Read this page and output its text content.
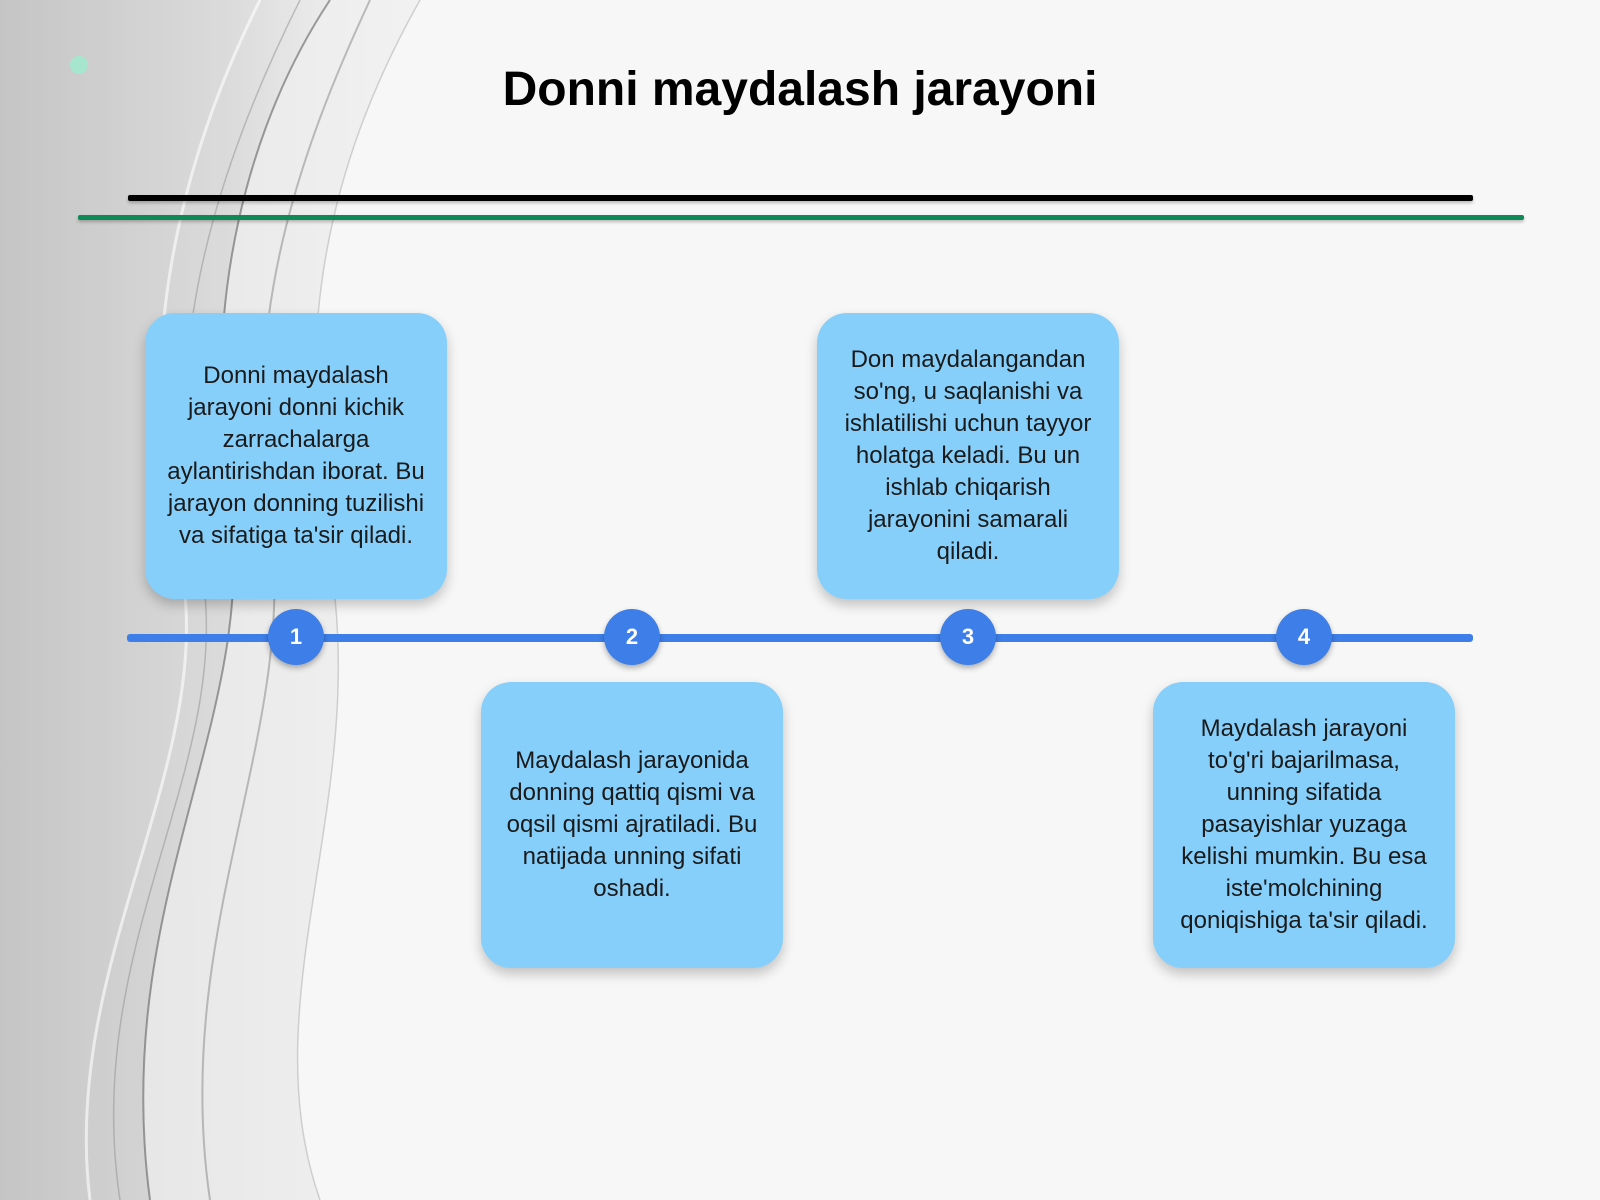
Donni maydalash jarayoni
Donni maydalash jarayoni donni kichik zarrachalarga aylantirishdan iborat. Bu jarayon donning tuzilishi va sifatiga ta'sir qiladi.
Maydalash jarayonida donning qattiq qismi va oqsil qismi ajratiladi. Bu natijada unning sifati oshadi.
Don maydalangandan so'ng, u saqlanishi va ishlatilishi uchun tayyor holatga keladi. Bu un ishlab chiqarish jarayonini samarali qiladi.
Maydalash jarayoni to'g'ri bajarilmasa, unning sifatida pasayishlar yuzaga kelishi mumkin. Bu esa iste'molchining qoniqishiga ta'sir qiladi.
1	2	3	4
